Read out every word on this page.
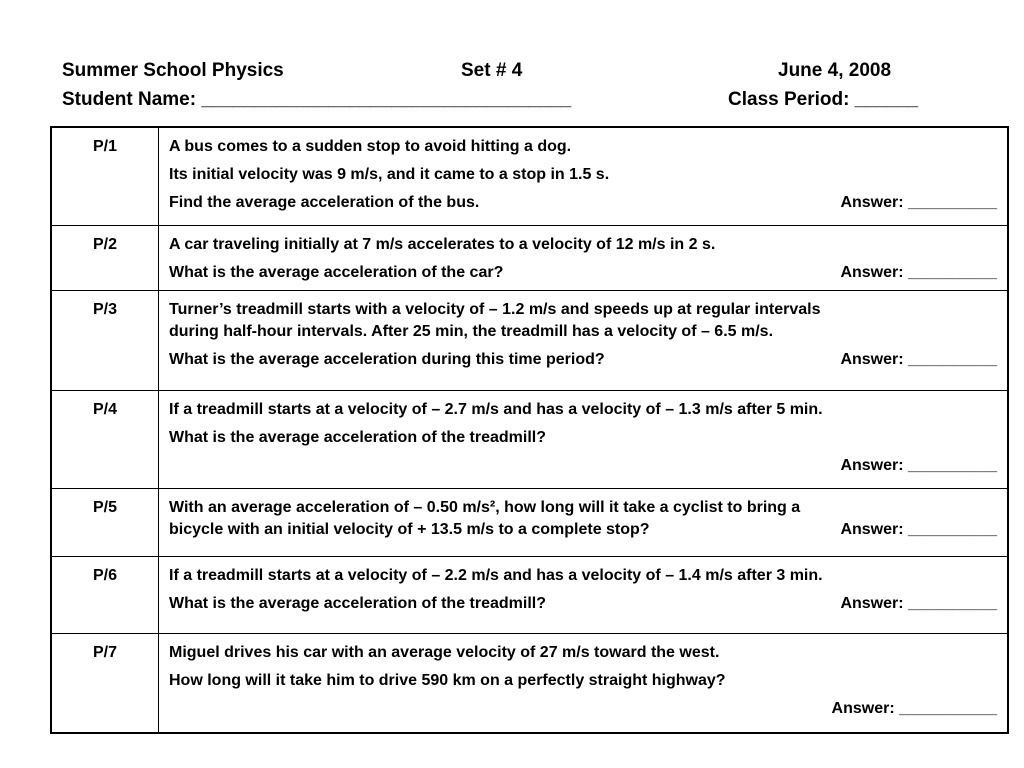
Summer School Physics	Set # 4	June 4, 2008
Student Name: ___________________________________	Class Period: ______
P/1	A bus comes to a sudden stop to avoid hitting a dog.

Its initial velocity was 9 m/s, and it came to a stop in 1.5 s.

Find the average acceleration of the bus. Answer: __________

P/2	A car traveling initially at 7 m/s accelerates to a velocity of 12 m/s in 2 s.

What is the average acceleration of the car? Answer: __________

P/3	Turner’s treadmill starts with a velocity of – 1.2 m/s and speeds up at regular intervals

during half-hour intervals. After 25 min, the treadmill has a velocity of – 6.5 m/s.

What is the average acceleration during this time period? Answer: __________

P/4	If a treadmill starts at a velocity of – 2.7 m/s and has a velocity of – 1.3 m/s after 5 min.

What is the average acceleration of the treadmill?

Answer: __________

P/5	With an average acceleration of – 0.50 m/s², how long will it take a cyclist to bring a

bicycle with an initial velocity of + 13.5 m/s to a complete stop? Answer: __________

P/6	If a treadmill starts at a velocity of – 2.2 m/s and has a velocity of – 1.4 m/s after 3 min.

What is the average acceleration of the treadmill? Answer: __________

P/7	Miguel drives his car with an average velocity of 27 m/s toward the west.

How long will it take him to drive 590 km on a perfectly straight highway?

Answer: ___________
